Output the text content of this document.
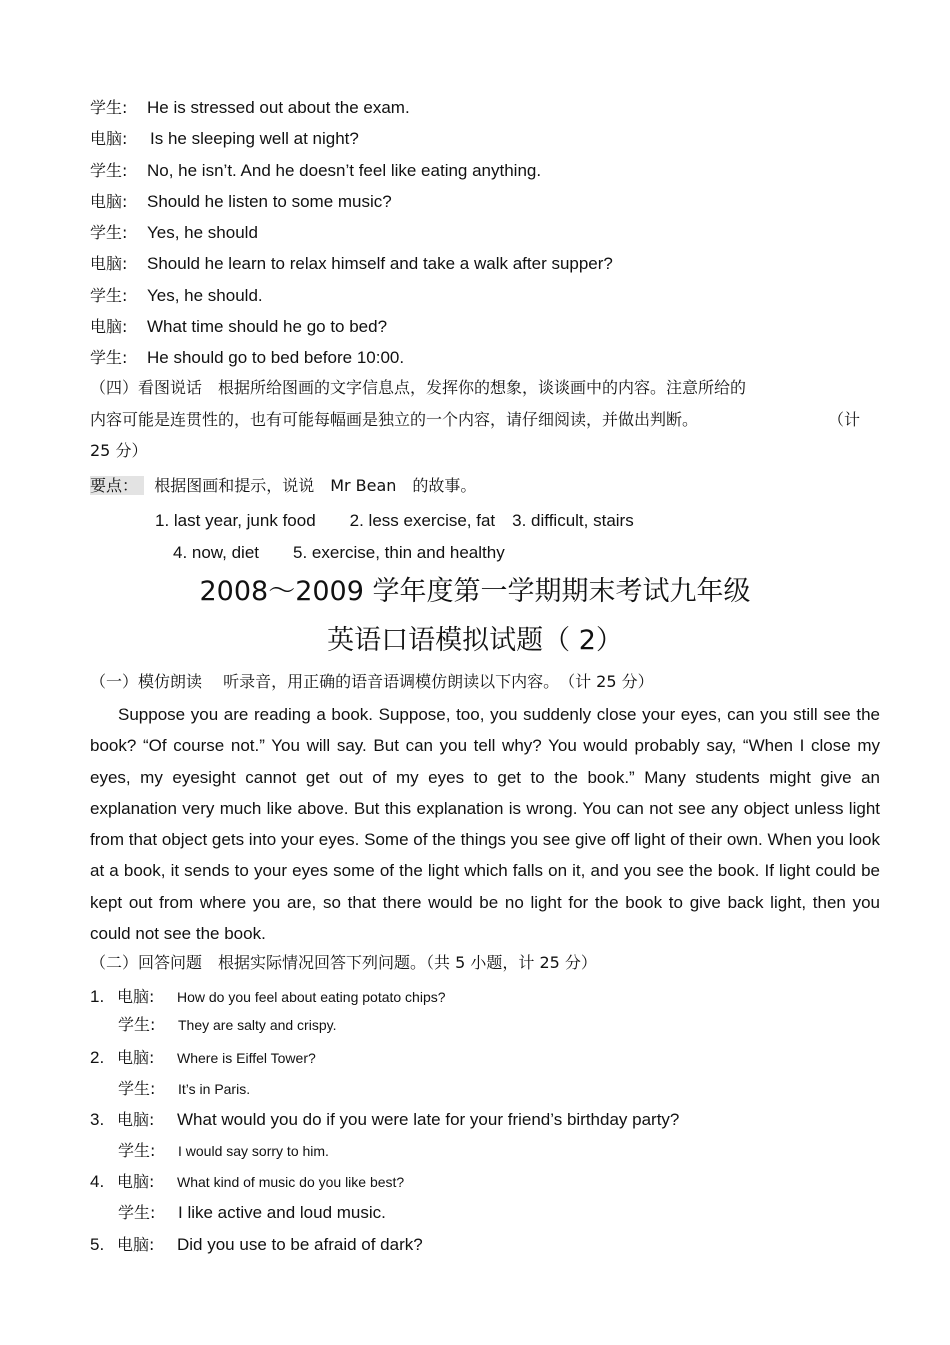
学生: He is stressed out about the exam.
电脑: Is he sleeping well at night?
学生: No, he isn’t. And he doesn’t feel like eating anything.
电脑: Should he listen to some music?
学生: Yes, he should
电脑: Should he learn to relax himself and take a walk after supper?
学生: Yes, he should.
电脑: What time should he go to bed?
学生: He should go to bed before 10:00.
（四）看图说话　根据所给图画的文字信息点，发挥你的想象，谈谈画中的内容。注意所给的
内容可能是连贯性的，也有可能每幅画是独立的一个内容，请仔细阅读，并做出判断。	（计
25 分）
要点： 根据图画和提示，说说　Mr Bean　的故事。
1. last year, junk food　　2. less exercise, fat　3. difficult, stairs
4. now, diet　　5. exercise, thin and healthy
2008～2009 学年度第一学期期末考试九年级
英语口语模拟试题（ 2）
（一）模仿朗读　 听录音，用正确的语音语调模仿朗读以下内容。　（计 25 分）

Suppose you are reading a book. Suppose, too, you suddenly close your eyes, can you still see the book? “Of course not.” You will say. But can you tell why? You would probably say, “When I close my eyes, my eyesight cannot get out of my eyes to get to the book.” Many students might give an explanation very much like above. But this explanation is wrong. You can not see any object unless light from that object gets into your eyes. Some of the things you see give off light of their own. When you look at a book, it sends to your eyes some of the light which falls on it, and you see the book. If light could be kept out from where you are, so that there would be no light for the book to give back light, then you could not see the book.

（二）回答问题　根据实际情况回答下列问题。（共 5 小题，计 25 分）
1. 电脑: How do you feel about eating potato chips?
学生: They are salty and crispy.
2. 电脑: Where is Eiffel Tower?
学生: It’s in Paris.
3. 电脑: What would you do if you were late for your friend’s birthday party?
学生: I would say sorry to him.
4. 电脑: What kind of music do you like best?
学生: I like active and loud music.
5. 电脑: Did you use to be afraid of dark?
